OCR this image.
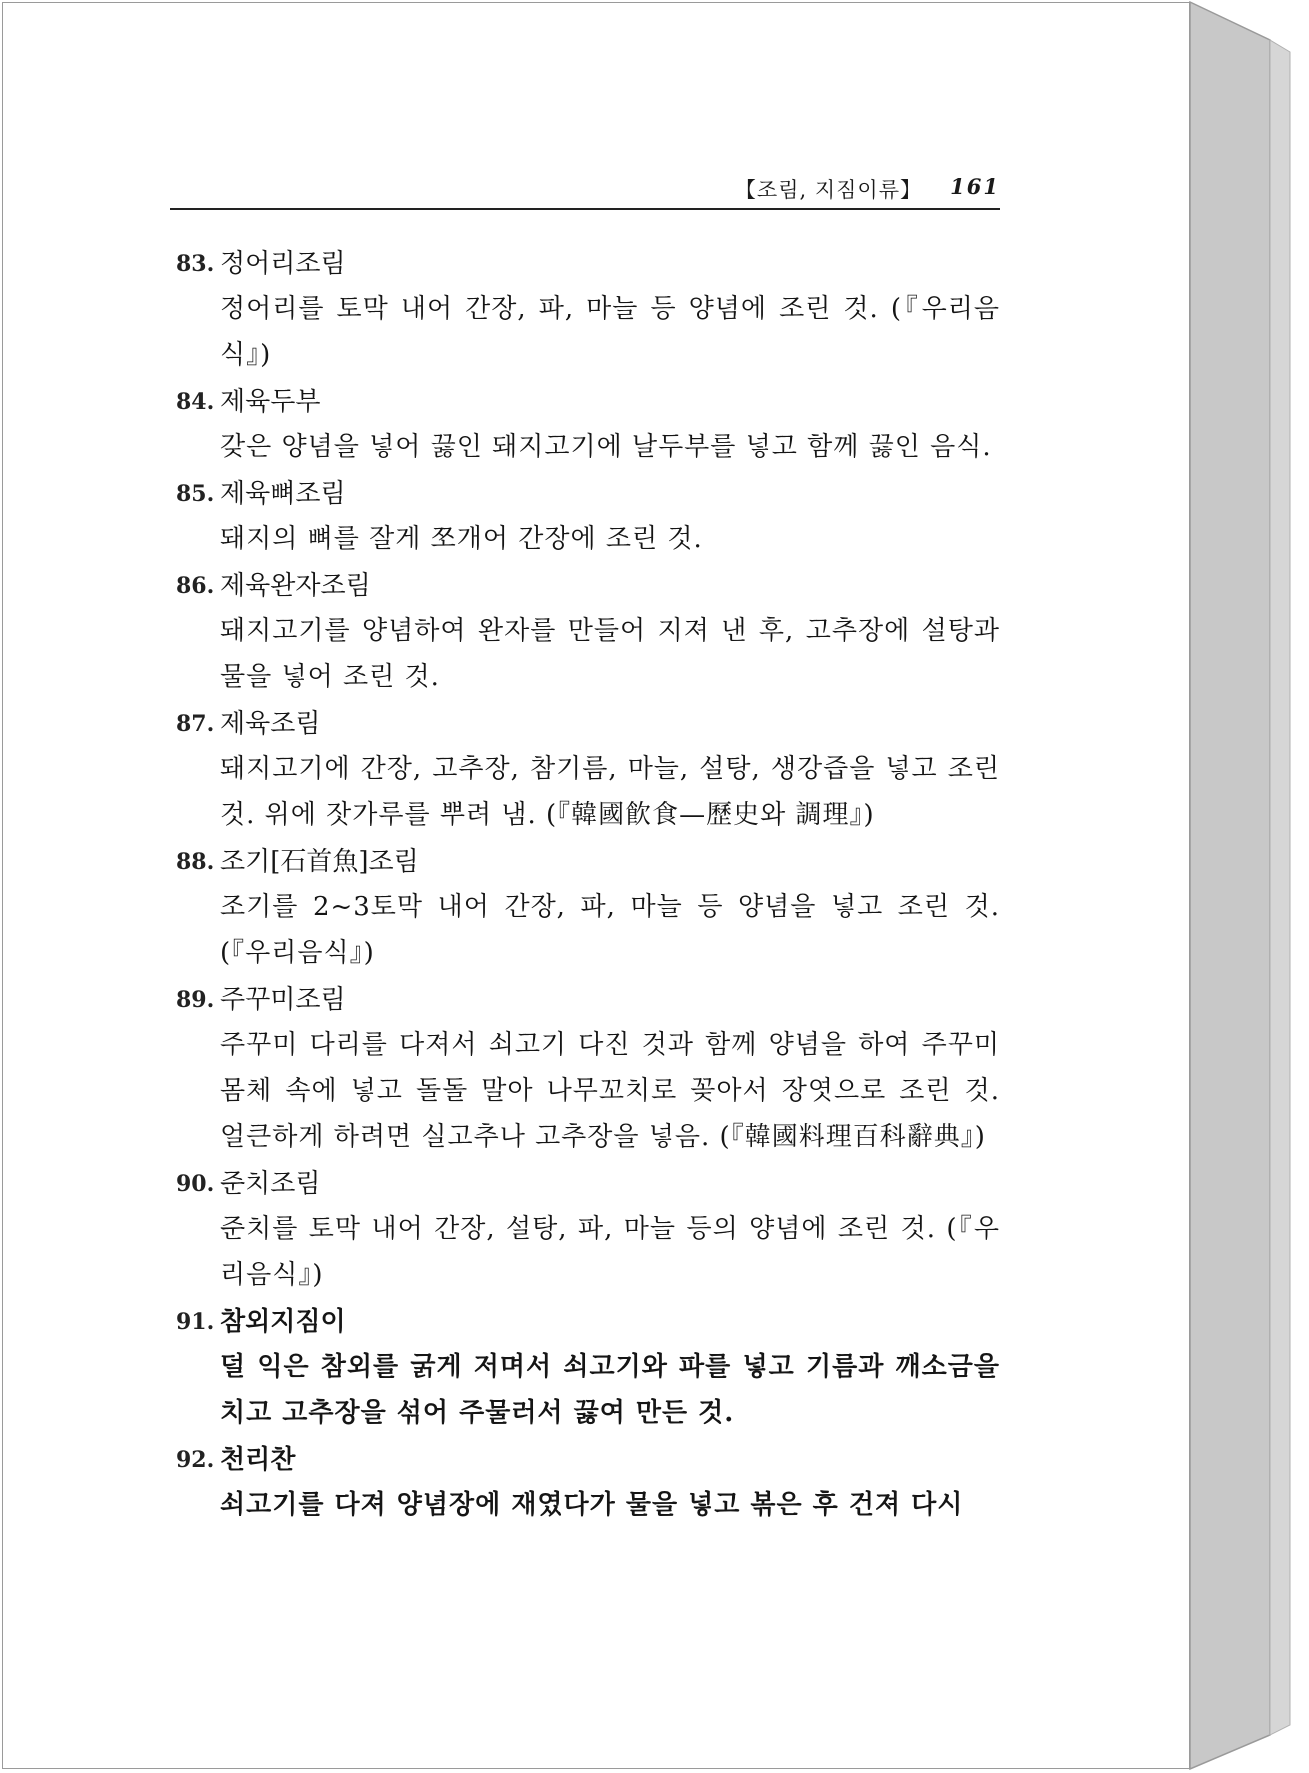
【조림, 지짐이류】 161
83. 정어리조림
정어리를 토막 내어 간장, 파, 마늘 등 양념에 조린 것. (『우리음식』)
84. 제육두부
갖은 양념을 넣어 끓인 돼지고기에 날두부를 넣고 함께 끓인 음식.
85. 제육뼈조림
돼지의 뼈를 잘게 쪼개어 간장에 조린 것.
86. 제육완자조림
돼지고기를 양념하여 완자를 만들어 지져 낸 후, 고추장에 설탕과 물을 넣어 조린 것.
87. 제육조림
돼지고기에 간장, 고추장, 참기름, 마늘, 설탕, 생강즙을 넣고 조린 것. 위에 잣가루를 뿌려 냄. (『韓國飮食—歷史와 調理』)
88. 조기[石首魚]조림
조기를 2~3토막 내어 간장, 파, 마늘 등 양념을 넣고 조린 것. (『우리음식』)
89. 주꾸미조림
주꾸미 다리를 다져서 쇠고기 다진 것과 함께 양념을 하여 주꾸미 몸체 속에 넣고 돌돌 말아 나무꼬치로 꽂아서 장엿으로 조린 것. 얼큰하게 하려면 실고추나 고추장을 넣음. (『韓國料理百科辭典』)
90. 준치조림
준치를 토막 내어 간장, 설탕, 파, 마늘 등의 양념에 조린 것. (『우리음식』)
91. 참외지짐이
덜 익은 참외를 굵게 저며서 쇠고기와 파를 넣고 기름과 깨소금을 치고 고추장을 섞어 주물러서 끓여 만든 것.
92. 천리찬
쇠고기를 다져 양념장에 재였다가 물을 넣고 볶은 후 건져 다시
